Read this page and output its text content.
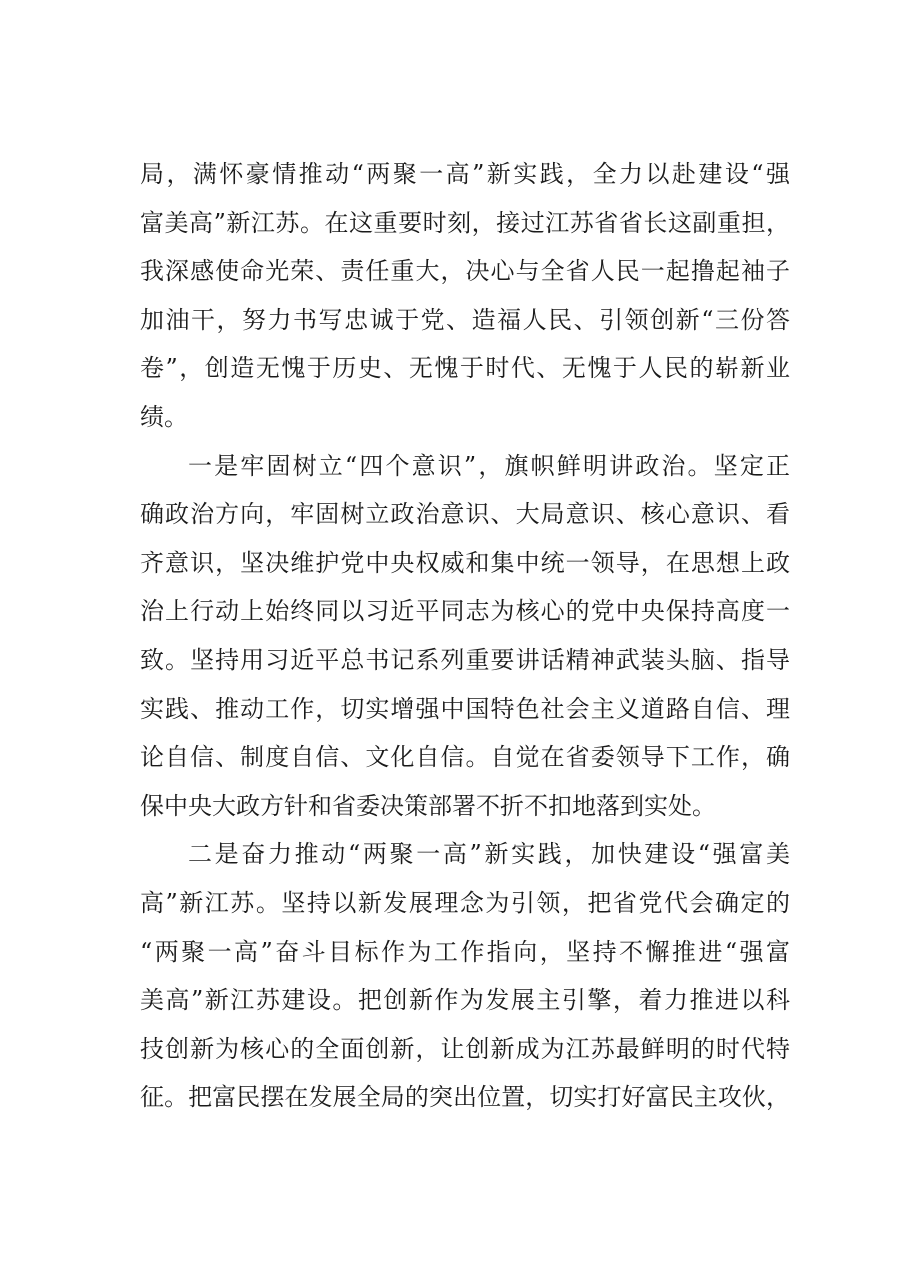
局，满怀豪情推动“两聚一高”新实践，全力以赴建设“强
富美高”新江苏。在这重要时刻，接过江苏省省长这副重担，
我深感使命光荣、责任重大，决心与全省人民一起撸起袖子
加油干，努力书写忠诚于党、造福人民、引领创新“三份答
卷”，创造无愧于历史、无愧于时代、无愧于人民的崭新业
绩。
一是牢固树立“四个意识”，旗帜鲜明讲政治。坚定正
确政治方向，牢固树立政治意识、大局意识、核心意识、看
齐意识，坚决维护党中央权威和集中统一领导，在思想上政
治上行动上始终同以习近平同志为核心的党中央保持高度一
致。坚持用习近平总书记系列重要讲话精神武装头脑、指导
实践、推动工作，切实增强中国特色社会主义道路自信、理
论自信、制度自信、文化自信。自觉在省委领导下工作，确
保中央大政方针和省委决策部署不折不扣地落到实处。
二是奋力推动“两聚一高”新实践，加快建设“强富美
高”新江苏。坚持以新发展理念为引领，把省党代会确定的
“两聚一高”奋斗目标作为工作指向，坚持不懈推进“强富
美高”新江苏建设。把创新作为发展主引擎，着力推进以科
技创新为核心的全面创新，让创新成为江苏最鲜明的时代特
征。把富民摆在发展全局的突出位置，切实打好富民主攻伙，
